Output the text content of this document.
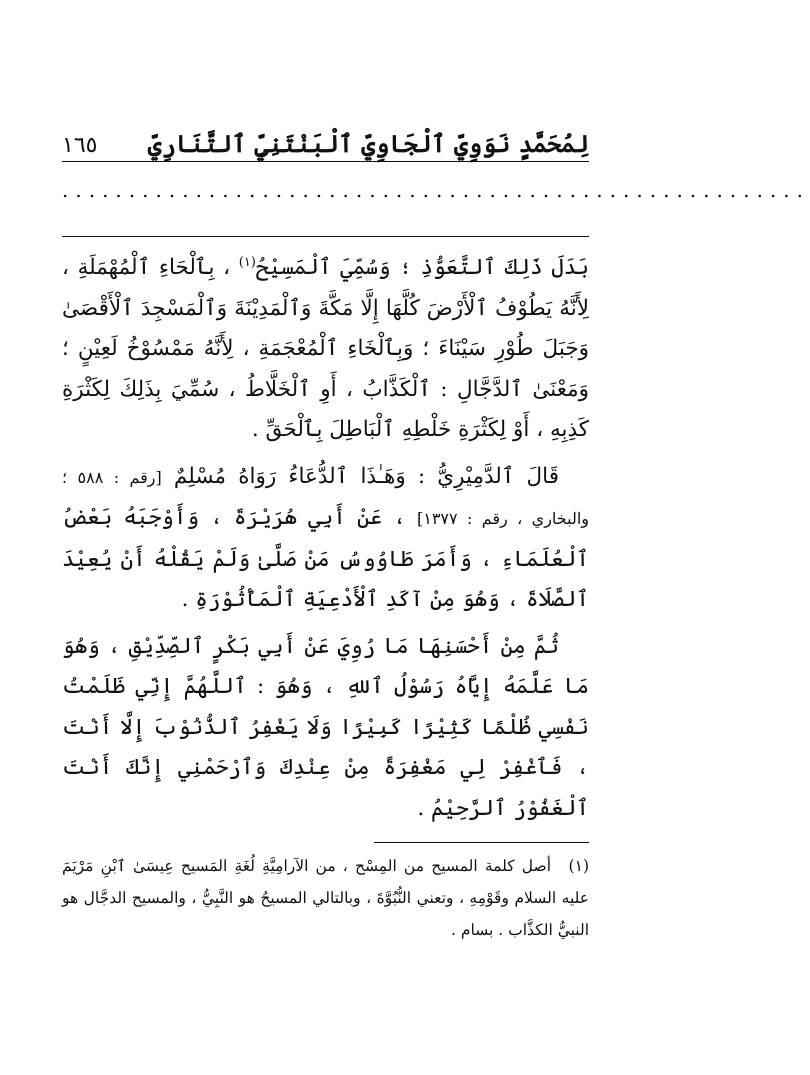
لِمُحَمَّدٍ نَوَوِيِّ ٱلْجَاوِيِّ ٱلْبَنْتَنِيِّ ٱلتَّنَارِيِّ
١٦٥
........................................................

بَدَلَ ذَلِكَ ٱلتَّعَوُّذِ ؛ وَسُمِّيَ ٱلْمَسِيْحُ$^{(١)}$ ، بِٱلْحَاءِ ٱلْمُهْمَلَةِ ، لِأَنَّهُ يَطُوْفُ ٱلْأَرْضَ كُلَّهَا إِلَّا مَكَّةَ وَٱلْمَدِيْنَةَ وَٱلْمَسْجِدَ ٱلْأَقْصَىٰ وَجَبَلَ طُوْرِ سَيْنَاءَ ؛ وَبِٱلْخَاءِ ٱلْمُعْجَمَةِ ، لِأَنَّهُ مَمْسُوْخُ لَعِيْنٍ ؛ وَمَعْنَىٰ ٱلدَّجَّالِ : ٱلْكَذَّابُ ، أَوِ ٱلْخَلَّاطُ ، سُمِّيَ بِذَلِكَ لِكَثْرَةِ كَذِبِهِ ، أَوْ لِكَثْرَةِ خَلْطِهِ ٱلْبَاطِلَ بِٱلْحَقِّ .

قَالَ ٱلدَّمِيْرِيُّ : وَهَـٰذَا ٱلدُّعَاءُ رَوَاهُ مُسْلِمٌ [رقم : ٥٨٨ ؛ والبخاري ، رقم : ١٣٧٧] ، عَنْ أَبِي هُرَيْرَةَ ، وَأَوْجَبَهُ بَعْضُ ٱلْعُلَمَاءِ ، وَأَمَرَ طَاوُوسُ مَنْ صَلَّىٰ وَلَمْ يَقُلْهُ أَنْ يُعِيْدَ ٱلصَّلَاةَ ، وَهُوَ مِنْ آكَدِ ٱلْأَدْعِيَةِ ٱلْمَأْثُوْرَةِ .

ثُمَّ مِنْ أَحْسَنِهَا مَا رُوِيَ عَنْ أَبِي بَكْرٍ ٱلصِّدِّيْقِ ، وَهُوَ مَا عَلَّمَهُ إِيَّاهُ رَسُوْلُ ٱللهِ ، وَهُوَ : ٱللَّهُمَّ إِنِّي ظَلَمْتُ نَفْسِي ظُلْمًا كَثِيْرًا كَبِيْرًا وَلَا يَغْفِرُ ٱلذُّنُوْبَ إِلَّا أَنْتَ ، فَٱغْفِرْ لِي مَغْفِرَةً مِنْ عِنْدِكَ وَٱرْحَمْنِي إِنَّكَ أَنْتَ ٱلْغَفُوْرُ ٱلرَّحِيْمُ .

(١)أصل كلمة المسيح من المِسْح ، من الآرامِيَّةِ لُغَةِ المَسيح عِيسَىٰ ٱبْنِ مَرْيَمَ عليه السلام وقَوْمِهِ ، وتعني النُّبُوَّةَ ، وبالتالي المسيحُ هو النَّبِيُّ ، والمسيح الدجَّال هو النبيُّ الكذَّاب . بسام .
